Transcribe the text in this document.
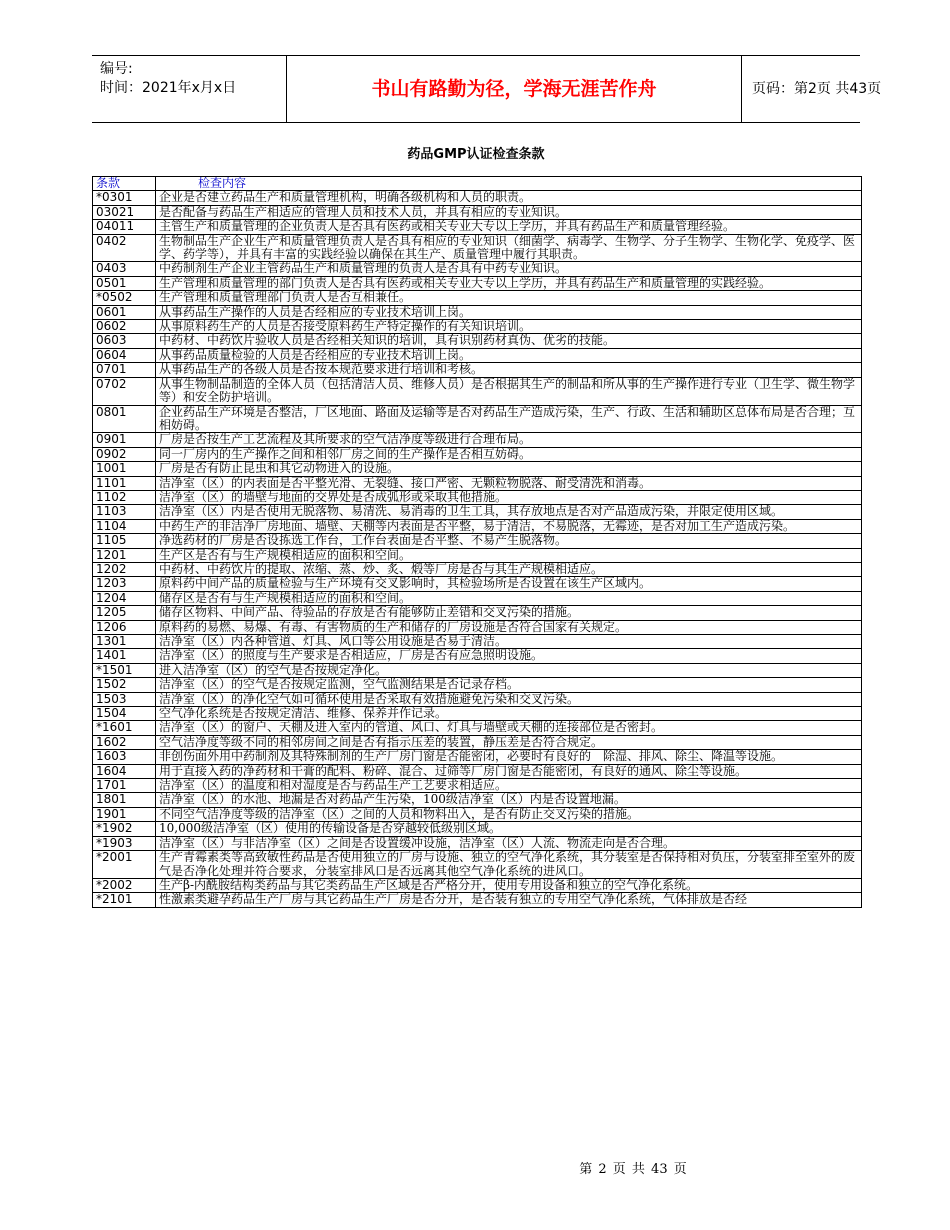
编号:
时间：2021年x月x日	书山有路勤为径，学海无涯苦作舟	页码：第2页 共43页
药品GMP认证检查条款
条款	检查内容
*0301	企业是否建立药品生产和质量管理机构，明确各级机构和人员的职责。
03021	是否配备与药品生产相适应的管理人员和技术人员，并具有相应的专业知识。
04011	主管生产和质量管理的企业负责人是否具有医药或相关专业大专以上学历，并具有药品生产和质量管理经验。
0402	生物制品生产企业生产和质量管理负责人是否具有相应的专业知识（细菌学、病毒学、生物学、分子生物学、生物化学、免疫学、医学、药学等），并具有丰富的实践经验以确保在其生产、质量管理中履行其职责。
0403	中药制剂生产企业主管药品生产和质量管理的负责人是否具有中药专业知识。
0501	生产管理和质量管理的部门负责人是否具有医药或相关专业大专以上学历，并具有药品生产和质量管理的实践经验。
*0502	生产管理和质量管理部门负责人是否互相兼任。
0601	从事药品生产操作的人员是否经相应的专业技术培训上岗。
0602	从事原料药生产的人员是否接受原料药生产特定操作的有关知识培训。
0603	中药材、中药饮片验收人员是否经相关知识的培训，具有识别药材真伪、优劣的技能。
0604	从事药品质量检验的人员是否经相应的专业技术培训上岗。
0701	从事药品生产的各级人员是否按本规范要求进行培训和考核。
0702	从事生物制品制造的全体人员（包括清洁人员、维修人员）是否根据其生产的制品和所从事的生产操作进行专业（卫生学、微生物学等）和安全防护培训。
0801	企业药品生产环境是否整洁，厂区地面、路面及运输等是否对药品生产造成污染，生产、行政、生活和辅助区总体布局是否合理；互相妨碍。
0901	厂房是否按生产工艺流程及其所要求的空气洁净度等级进行合理布局。
0902	同一厂房内的生产操作之间和相邻厂房之间的生产操作是否相互妨碍。
1001	厂房是否有防止昆虫和其它动物进入的设施。
1101	洁净室（区）的内表面是否平整光滑、无裂缝、接口严密、无颗粒物脱落、耐受清洗和消毒。
1102	洁净室（区）的墙壁与地面的交界处是否成弧形或采取其他措施。
1103	洁净室（区）内是否使用无脱落物、易清洗、易消毒的卫生工具，其存放地点是否对产品造成污染，并限定使用区域。
1104	中药生产的非洁净厂房地面、墙壁、天棚等内表面是否平整，易于清洁，不易脱落，无霉迹，是否对加工生产造成污染。
1105	净选药材的厂房是否设拣选工作台，工作台表面是否平整、不易产生脱落物。
1201	生产区是否有与生产规模相适应的面积和空间。
1202	中药材、中药饮片的提取、浓缩、蒸、炒、炙、煅等厂房是否与其生产规模相适应。
1203	原料药中间产品的质量检验与生产环境有交叉影响时，其检验场所是否设置在该生产区域内。
1204	储存区是否有与生产规模相适应的面积和空间。
1205	储存区物料、中间产品、待验品的存放是否有能够防止差错和交叉污染的措施。
1206	原料药的易燃、易爆、有毒、有害物质的生产和储存的厂房设施是否符合国家有关规定。
1301	洁净室（区）内各种管道、灯具、风口等公用设施是否易于清洁。
1401	洁净室（区）的照度与生产要求是否相适应，厂房是否有应急照明设施。
*1501	进入洁净室（区）的空气是否按规定净化。
1502	洁净室（区）的空气是否按规定监测，空气监测结果是否记录存档。
1503	洁净室（区）的净化空气如可循环使用是否采取有效措施避免污染和交叉污染。
1504	空气净化系统是否按规定清洁、维修、保养并作记录。
*1601	洁净室（区）的窗户、天棚及进入室内的管道、风口、灯具与墙壁或天棚的连接部位是否密封。
1602	空气洁净度等级不同的相邻房间之间是否有指示压差的装置，静压差是否符合规定。
1603	非创伤面外用中药制剂及其特殊制剂的生产厂房门窗是否能密闭，必要时有良好的　除湿、排风、除尘、降温等设施。
1604	用于直接入药的净药材和干膏的配料、粉碎、混合、过筛等厂房门窗是否能密闭，有良好的通风、除尘等设施。
1701	洁净室（区）的温度和相对湿度是否与药品生产工艺要求相适应。
1801	洁净室（区）的水池、地漏是否对药品产生污染，100级洁净室（区）内是否设置地漏。
1901	不同空气洁净度等级的洁净室（区）之间的人员和物料出入，是否有防止交叉污染的措施。
*1902	10,000级洁净室（区）使用的传输设备是否穿越较低级别区域。
*1903	洁净室（区）与非洁净室（区）之间是否设置缓冲设施，洁净室（区）人流、物流走向是否合理。
*2001	生产青霉素类等高致敏性药品是否使用独立的厂房与设施、独立的空气净化系统，其分装室是否保持相对负压，分装室排至室外的废气是否净化处理并符合要求，分装室排风口是否远离其他空气净化系统的进风口。
*2002	生产β-内酰胺结构类药品与其它类药品生产区域是否严格分开，使用专用设备和独立的空气净化系统。
*2101	性激素类避孕药品生产厂房与其它药品生产厂房是否分开，是否装有独立的专用空气净化系统，气体排放是否经
第 2 页 共 43 页
